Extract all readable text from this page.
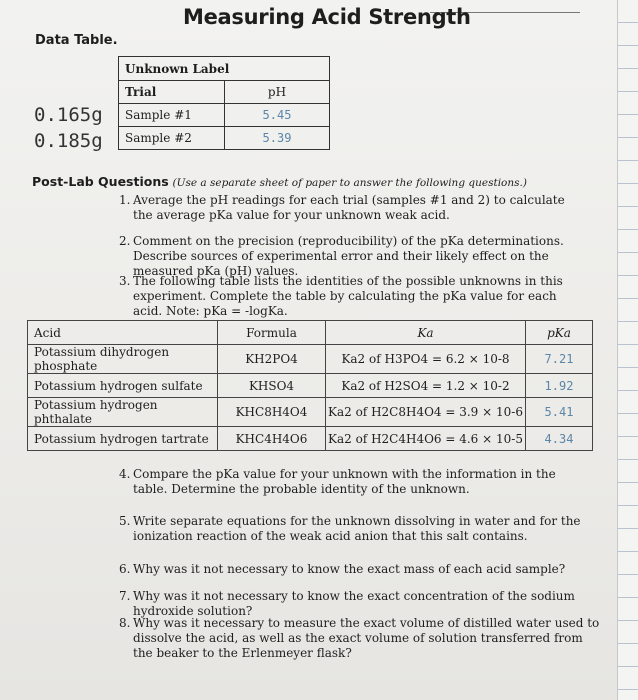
Measuring Acid Strength
Data Table.
0.165g
0.185g
Unknown Label	
Trial	pH
Sample #1	5.45
Sample #2	5.39
Post-Lab Questions (Use a separate sheet of paper to answer the following questions.)
1. Average the pH readings for each trial (samples #1 and 2) to calculate the average pKa value for your unknown weak acid.
2. Comment on the precision (reproducibility) of the pKa determinations. Describe sources of experimental error and their likely effect on the measured pKa (pH) values.
3. The following table lists the identities of the possible unknowns in this experiment. Complete the table by calculating the pKa value for each acid. Note: pKa = -logKa.
Acid	Formula	Ka	pKa
Potassium dihydrogen phosphate	KH2PO4	Ka2 of H3PO4 = 6.2 × 10-8	7.21
Potassium hydrogen sulfate	KHSO4	Ka2 of H2SO4 = 1.2 × 10-2	1.92
Potassium hydrogen phthalate	KHC8H4O4	Ka2 of H2C8H4O4 = 3.9 × 10-6	5.41
Potassium hydrogen tartrate	KHC4H4O6	Ka2 of H2C4H4O6 = 4.6 × 10-5	4.34
4. Compare the pKa value for your unknown with the information in the table. Determine the probable identity of the unknown.
5. Write separate equations for the unknown dissolving in water and for the ionization reaction of the weak acid anion that this salt contains.
6. Why was it not necessary to know the exact mass of each acid sample?
7. Why was it not necessary to know the exact concentration of the sodium hydroxide solution?
8. Why was it necessary to measure the exact volume of distilled water used to dissolve the acid, as well as the exact volume of solution transferred from the beaker to the Erlenmeyer flask?
